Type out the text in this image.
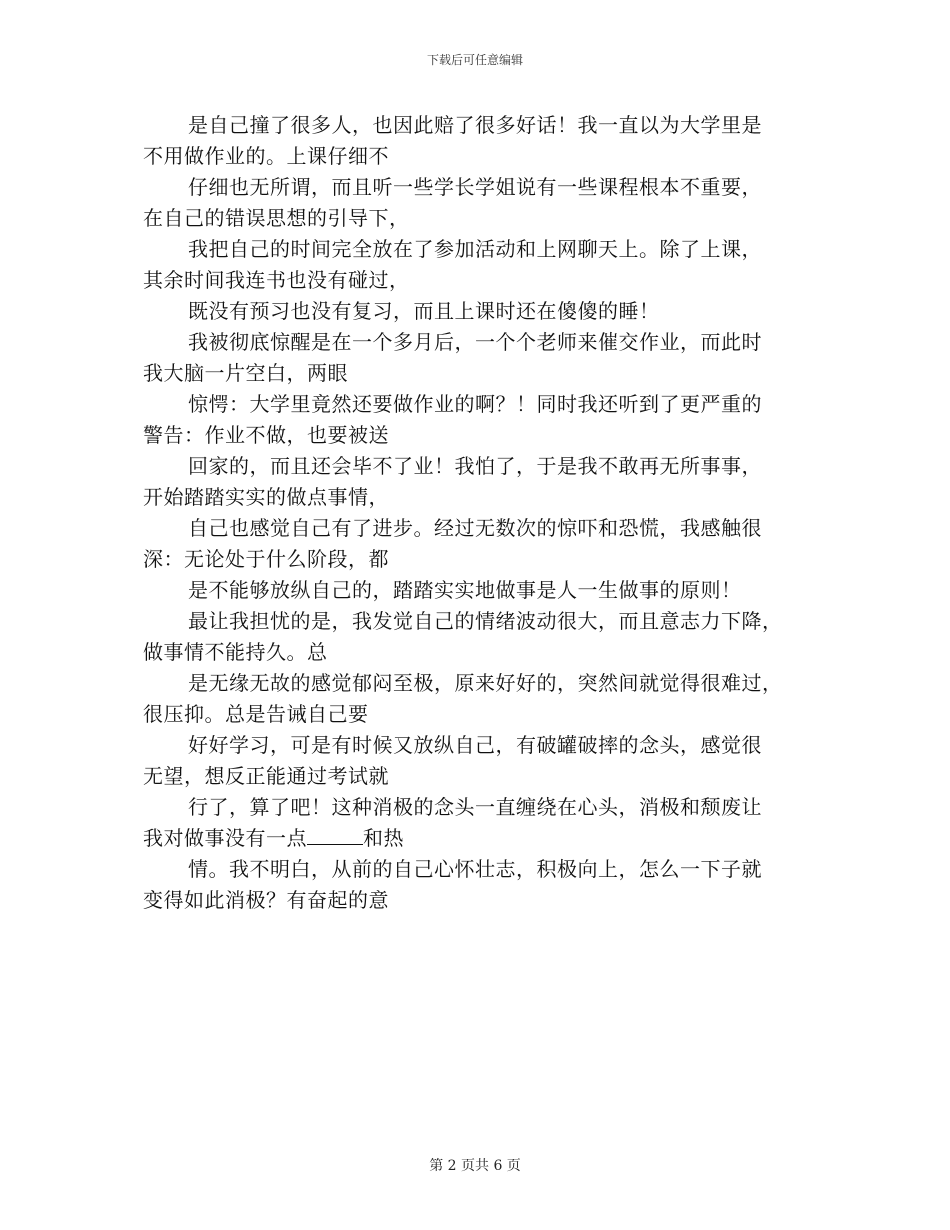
下载后可任意编辑

是自己撞了很多人，也因此赔了很多好话！我一直以为大学里是
不用做作业的。上课仔细不

仔细也无所谓，而且听一些学长学姐说有一些课程根本不重要，
在自己的错误思想的引导下，

我把自己的时间完全放在了参加活动和上网聊天上。除了上课，
其余时间我连书也没有碰过，

既没有预习也没有复习，而且上课时还在傻傻的睡！

我被彻底惊醒是在一个多月后，一个个老师来催交作业，而此时
我大脑一片空白，两眼

惊愕：大学里竟然还要做作业的啊？！同时我还听到了更严重的
警告：作业不做，也要被送

回家的，而且还会毕不了业！我怕了，于是我不敢再无所事事，
开始踏踏实实的做点事情，

自己也感觉自己有了进步。经过无数次的惊吓和恐慌，我感触很
深：无论处于什么阶段，都

是不能够放纵自己的，踏踏实实地做事是人一生做事的原则！

最让我担忧的是，我发觉自己的情绪波动很大，而且意志力下降，
做事情不能持久。总

是无缘无故的感觉郁闷至极，原来好好的，突然间就觉得很难过，
很压抑。总是告诫自己要

好好学习，可是有时候又放纵自己，有破罐破摔的念头，感觉很
无望，想反正能通过考试就

行了，算了吧！这种消极的念头一直缠绕在心头，消极和颓废让
我对做事没有一点	和热

情。我不明白，从前的自己心怀壮志，积极向上，怎么一下子就
变得如此消极？有奋起的意

第 2 页共 6 页
